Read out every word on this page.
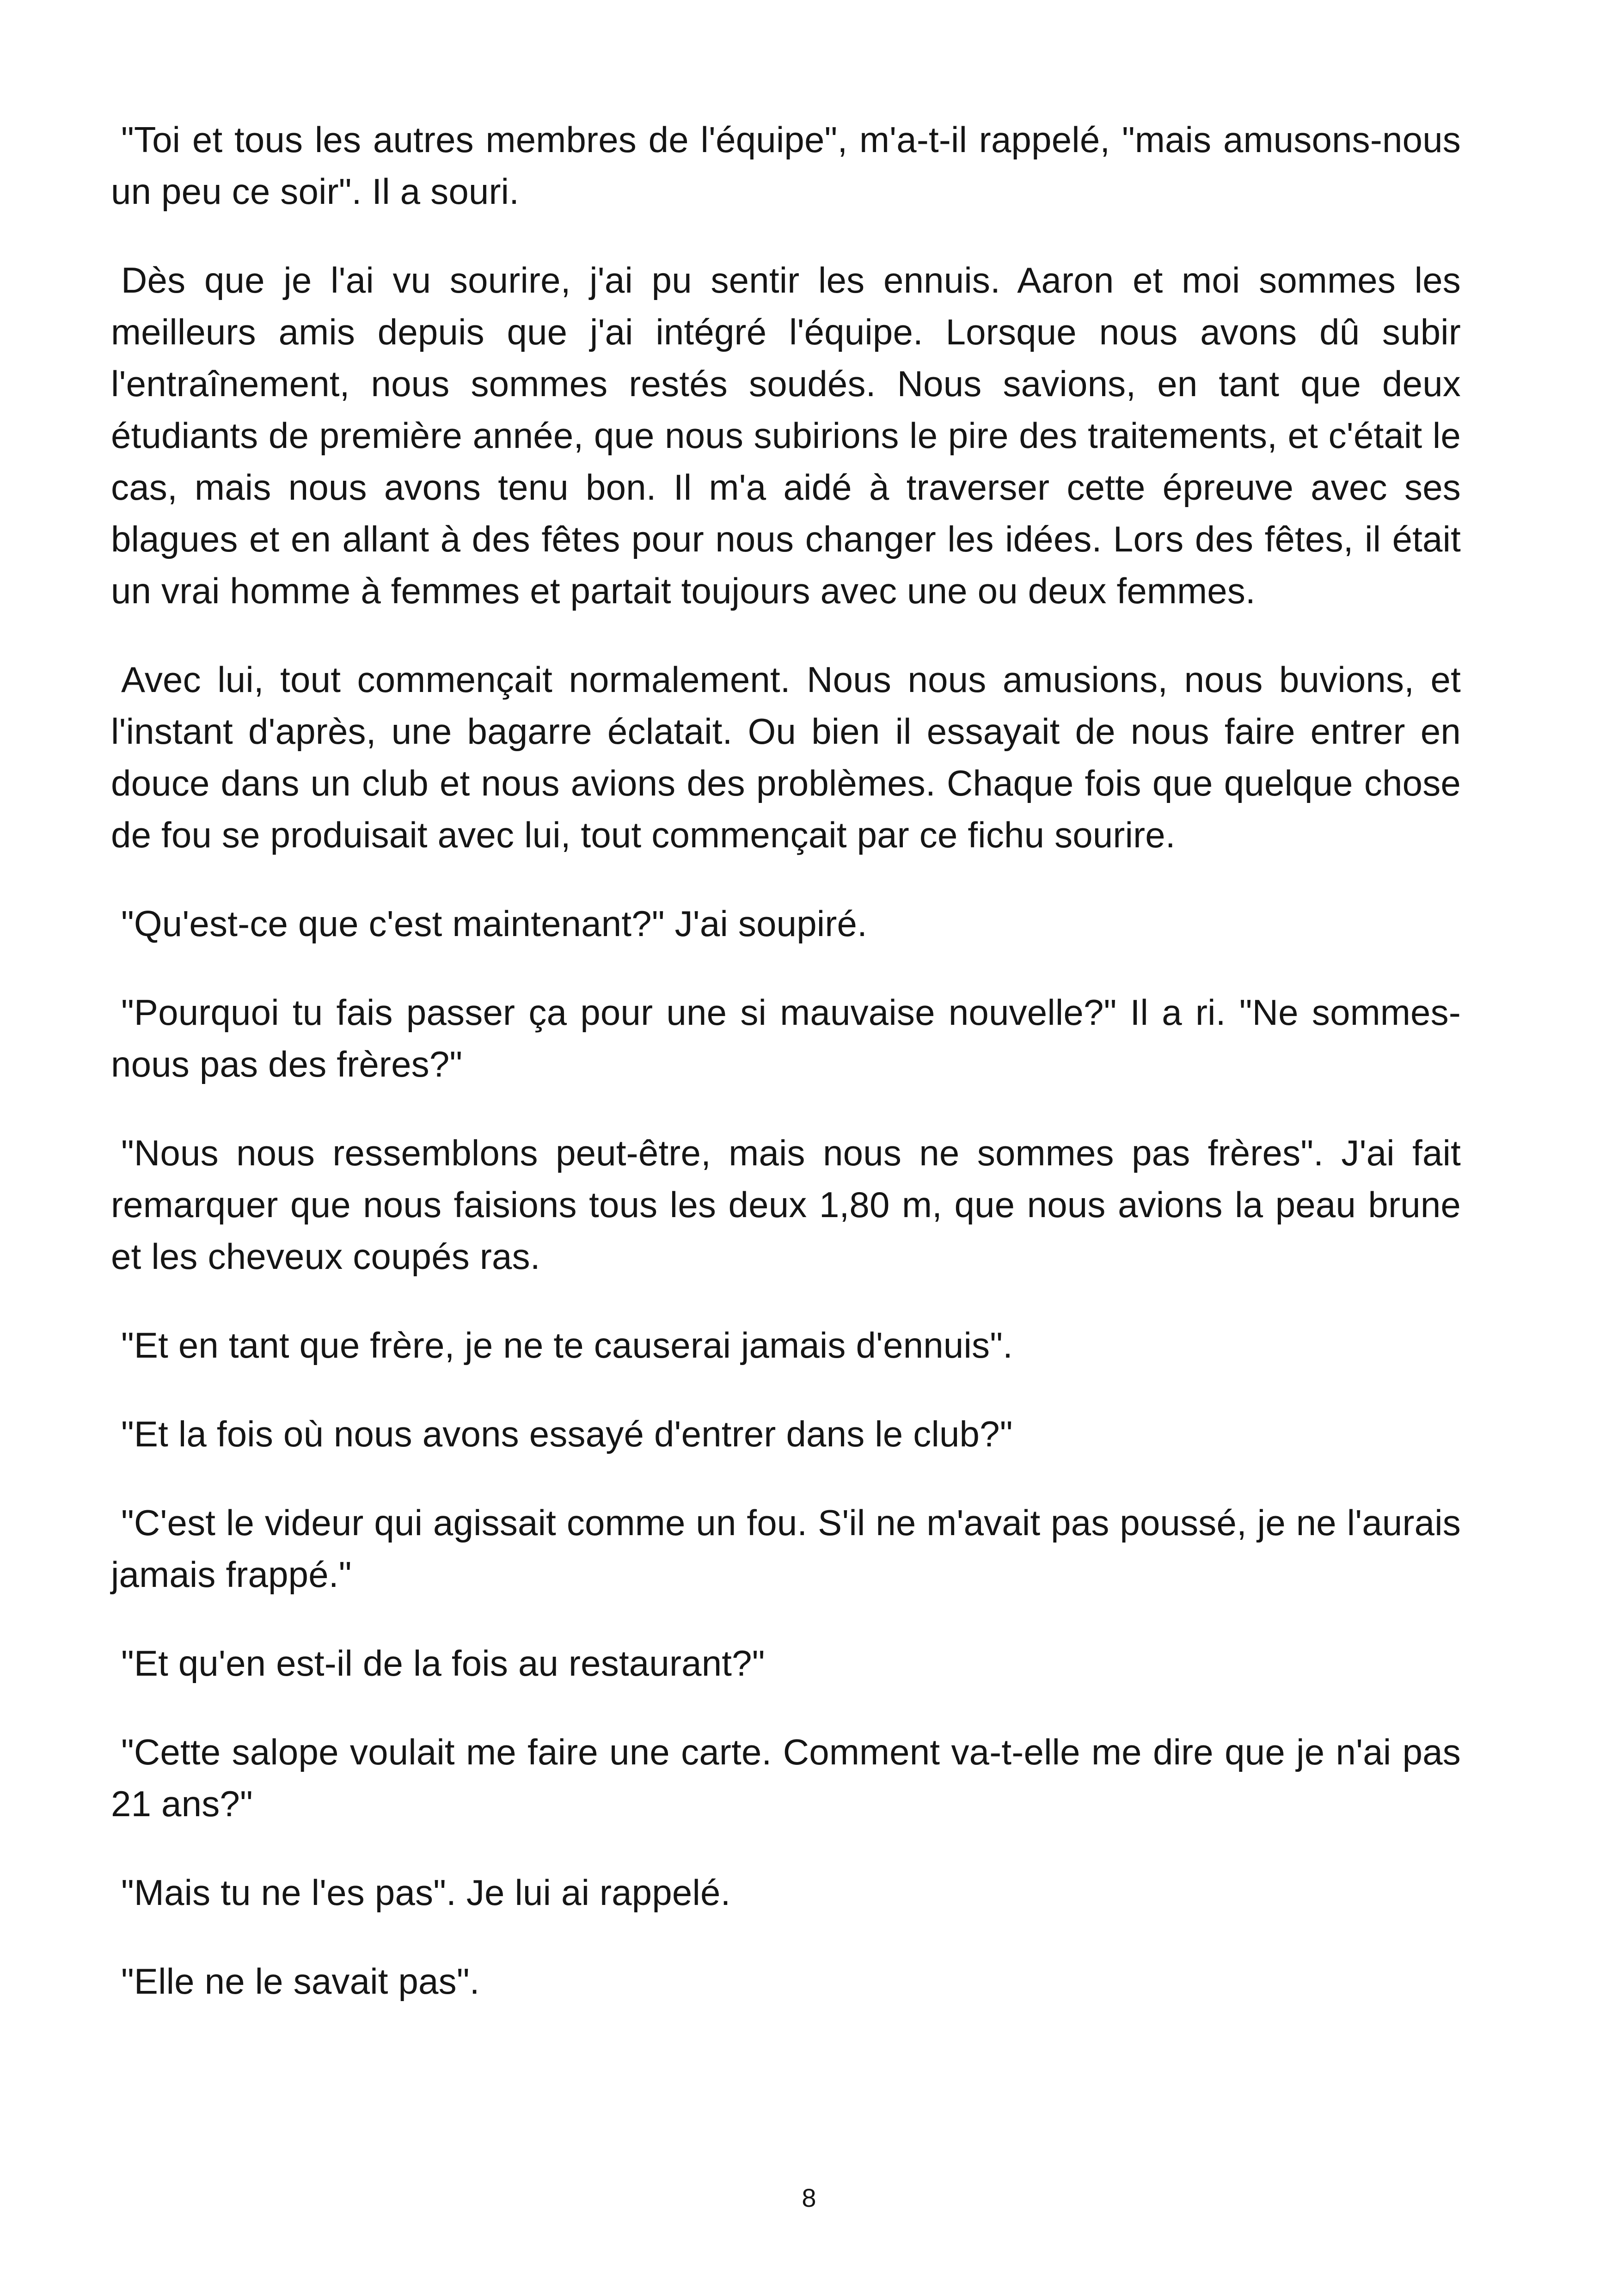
"Toi et tous les autres membres de l'équipe", m'a-t-il rappelé, "mais amusons-nous un peu ce soir". Il a souri.

Dès que je l'ai vu sourire, j'ai pu sentir les ennuis. Aaron et moi sommes les meilleurs amis depuis que j'ai intégré l'équipe. Lorsque nous avons dû subir l'entraînement, nous sommes restés soudés. Nous savions, en tant que deux étudiants de première année, que nous subirions le pire des traitements, et c'était le cas, mais nous avons tenu bon. Il m'a aidé à traverser cette épreuve avec ses blagues et en allant à des fêtes pour nous changer les idées. Lors des fêtes, il était un vrai homme à femmes et partait toujours avec une ou deux femmes.

Avec lui, tout commençait normalement. Nous nous amusions, nous buvions, et l'instant d'après, une bagarre éclatait. Ou bien il essayait de nous faire entrer en douce dans un club et nous avions des problèmes. Chaque fois que quelque chose de fou se produisait avec lui, tout commençait par ce fichu sourire.

"Qu'est-ce que c'est maintenant?" J'ai soupiré.

"Pourquoi tu fais passer ça pour une si mauvaise nouvelle?" Il a ri. "Ne sommes-nous pas des frères?"

"Nous nous ressemblons peut-être, mais nous ne sommes pas frères". J'ai fait remarquer que nous faisions tous les deux 1,80 m, que nous avions la peau brune et les cheveux coupés ras.

"Et en tant que frère, je ne te causerai jamais d'ennuis".

"Et la fois où nous avons essayé d'entrer dans le club?"

"C'est le videur qui agissait comme un fou. S'il ne m'avait pas poussé, je ne l'aurais jamais frappé."

"Et qu'en est-il de la fois au restaurant?"

"Cette salope voulait me faire une carte. Comment va-t-elle me dire que je n'ai pas 21 ans?"

"Mais tu ne l'es pas". Je lui ai rappelé.

"Elle ne le savait pas".

8
